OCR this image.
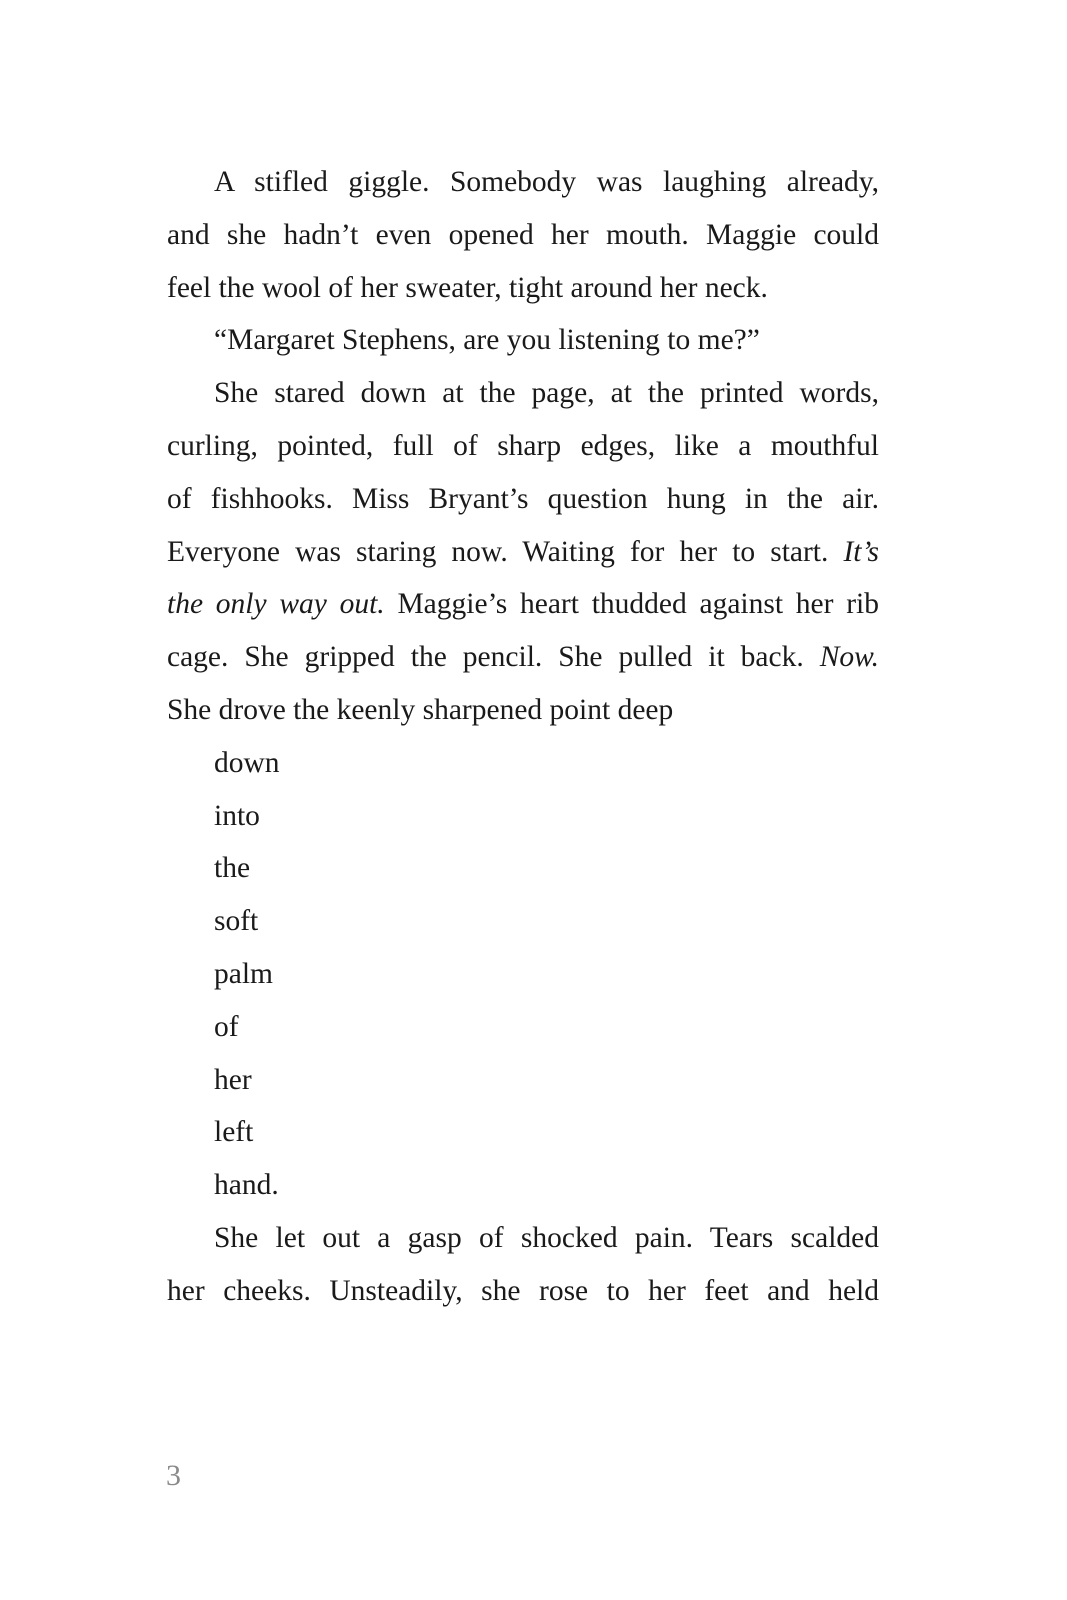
A stifled giggle. Somebody was laughing already,
and she hadn’t even opened her mouth. Maggie could
feel the wool of her sweater, tight around her neck.
“Margaret Stephens, are you listening to me?”
She stared down at the page, at the printed words,
curling, pointed, full of sharp edges, like a mouthful
of fishhooks. Miss Bryant’s question hung in the air.
Everyone was staring now. Waiting for her to start. It’s
the only way out. Maggie’s heart thudded against her rib
cage. She gripped the pencil. She pulled it back. Now.
She drove the keenly sharpened point deep
down
into
the
soft
palm
of
her
left
hand.
She let out a gasp of shocked pain. Tears scalded
her cheeks. Unsteadily, she rose to her feet and held
3
